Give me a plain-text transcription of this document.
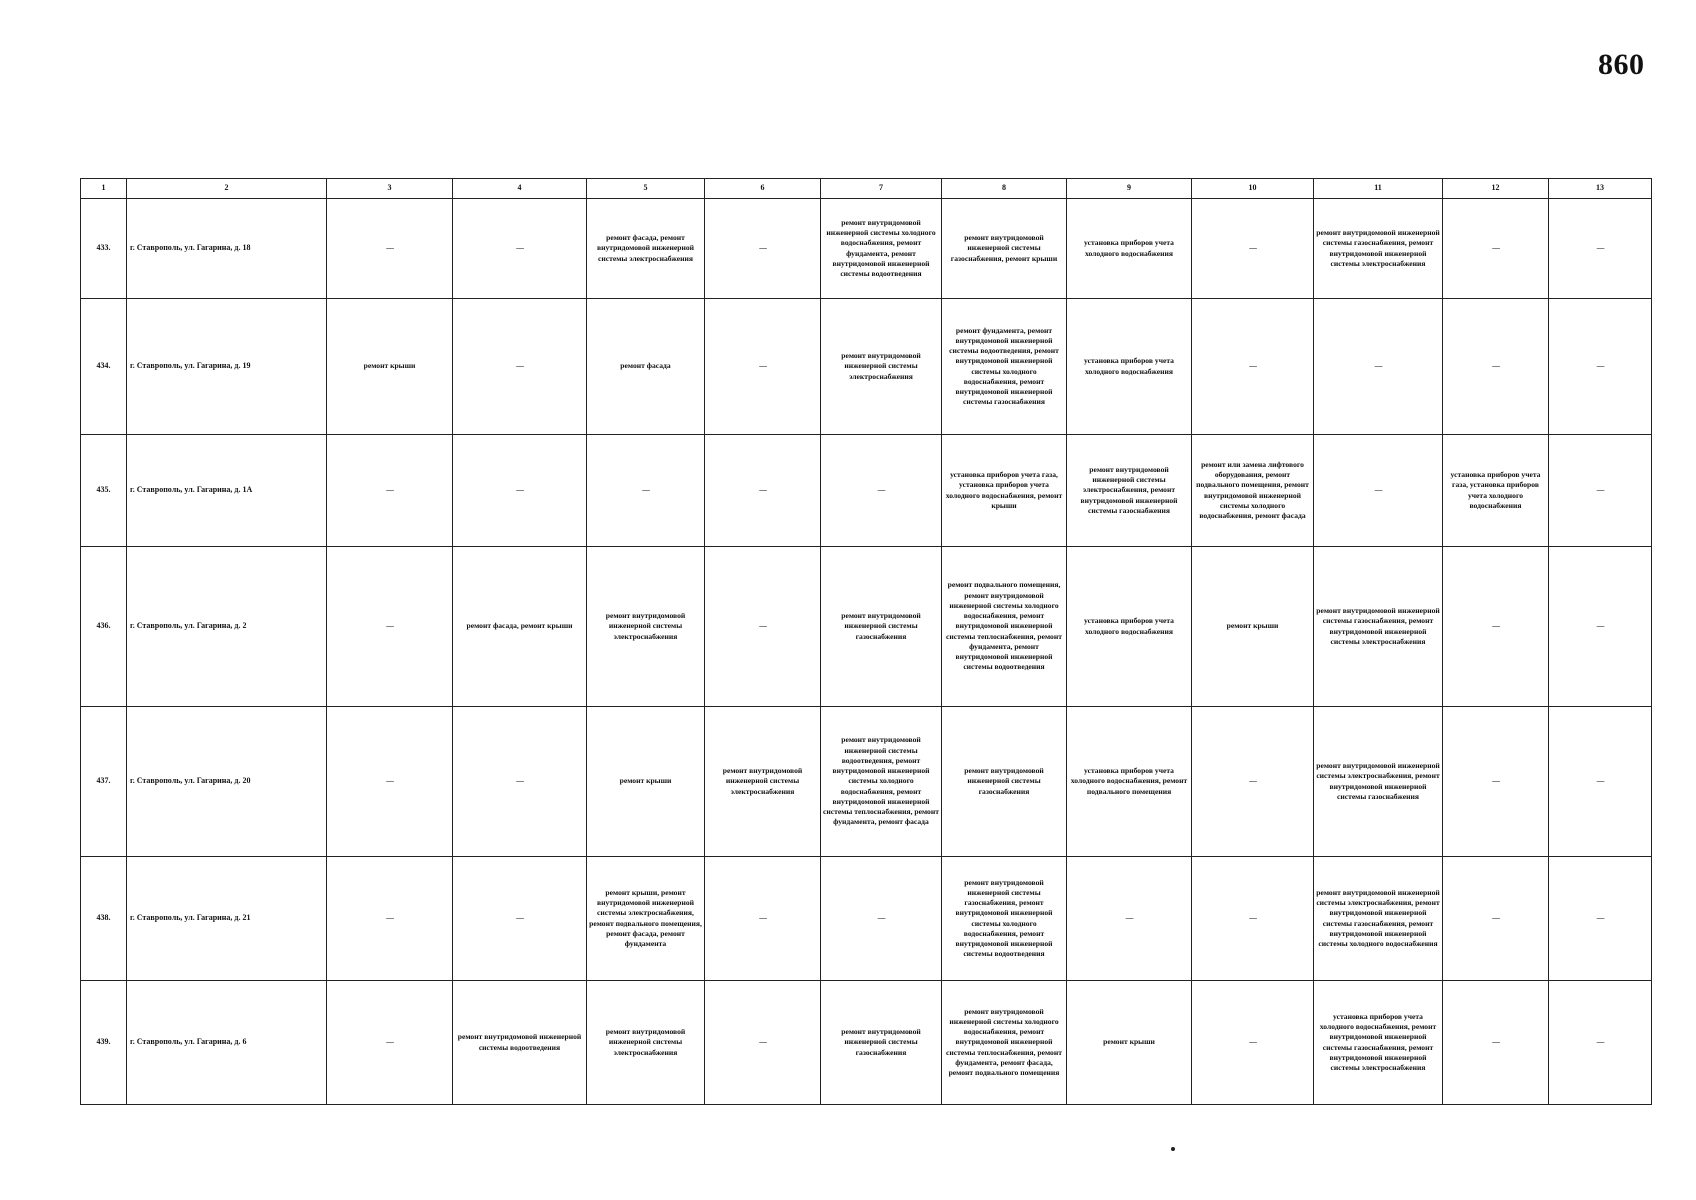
860
1	2	3	4	5	6	7	8	9	10	11	12	13
433.	г. Ставрополь, ул. Гагарина, д. 18	—	—	ремонт фасада, ремонт внутридомовой инженерной системы электроснабжения	—	ремонт внутридомовой инженерной системы холодного водоснабжения, ремонт фундамента, ремонт внутридомовой инженерной системы водоотведения	ремонт внутридомовой инженерной системы газоснабжения, ремонт крыши	установка приборов учета холодного водоснабжения	—	ремонт внутридомовой инженерной системы газоснабжения, ремонт внутридомовой инженерной системы электроснабжения	—	—
434.	г. Ставрополь, ул. Гагарина, д. 19	ремонт крыши	—	ремонт фасада	—	ремонт внутридомовой инженерной системы электроснабжения	ремонт фундамента, ремонт внутридомовой инженерной системы водоотведения, ремонт внутридомовой инженерной системы холодного водоснабжения, ремонт внутридомовой инженерной системы газоснабжения	установка приборов учета холодного водоснабжения	—	—	—	—
435.	г. Ставрополь, ул. Гагарина, д. 1А	—	—	—	—	—	установка приборов учета газа, установка приборов учета холодного водоснабжения, ремонт крыши	ремонт внутридомовой инженерной системы электроснабжения, ремонт внутридомовой инженерной системы газоснабжения	ремонт или замена лифтового оборудования, ремонт подвального помещения, ремонт внутридомовой инженерной системы холодного водоснабжения, ремонт фасада	—	установка приборов учета газа, установка приборов учета холодного водоснабжения	—
436.	г. Ставрополь, ул. Гагарина, д. 2	—	ремонт фасада, ремонт крыши	ремонт внутридомовой инженерной системы электроснабжения	—	ремонт внутридомовой инженерной системы газоснабжения	ремонт подвального помещения, ремонт внутридомовой инженерной системы холодного водоснабжения, ремонт внутридомовой инженерной системы теплоснабжения, ремонт фундамента, ремонт внутридомовой инженерной системы водоотведения	установка приборов учета холодного водоснабжения	ремонт крыши	ремонт внутридомовой инженерной системы газоснабжения, ремонт внутридомовой инженерной системы электроснабжения	—	—
437.	г. Ставрополь, ул. Гагарина, д. 20	—	—	ремонт крыши	ремонт внутридомовой инженерной системы электроснабжения	ремонт внутридомовой инженерной системы водоотведения, ремонт внутридомовой инженерной системы холодного водоснабжения, ремонт внутридомовой инженерной системы теплоснабжения, ремонт фундамента, ремонт фасада	ремонт внутридомовой инженерной системы газоснабжения	установка приборов учета холодного водоснабжения, ремонт подвального помещения	—	ремонт внутридомовой инженерной системы электроснабжения, ремонт внутридомовой инженерной системы газоснабжения	—	—
438.	г. Ставрополь, ул. Гагарина, д. 21	—	—	ремонт крыши, ремонт внутридомовой инженерной системы электроснабжения, ремонт подвального помещения, ремонт фасада, ремонт фундамента	—	—	ремонт внутридомовой инженерной системы газоснабжения, ремонт внутридомовой инженерной системы холодного водоснабжения, ремонт внутридомовой инженерной системы водоотведения	—	—	ремонт внутридомовой инженерной системы электроснабжения, ремонт внутридомовой инженерной системы газоснабжения, ремонт внутридомовой инженерной системы холодного водоснабжения	—	—
439.	г. Ставрополь, ул. Гагарина, д. 6	—	ремонт внутридомовой инженерной системы водоотведения	ремонт внутридомовой инженерной системы электроснабжения	—	ремонт внутридомовой инженерной системы газоснабжения	ремонт внутридомовой инженерной системы холодного водоснабжения, ремонт внутридомовой инженерной системы теплоснабжения, ремонт фундамента, ремонт фасада, ремонт подвального помещения	ремонт крыши	—	установка приборов учета холодного водоснабжения, ремонт внутридомовой инженерной системы газоснабжения, ремонт внутридомовой инженерной системы электроснабжения	—	—
